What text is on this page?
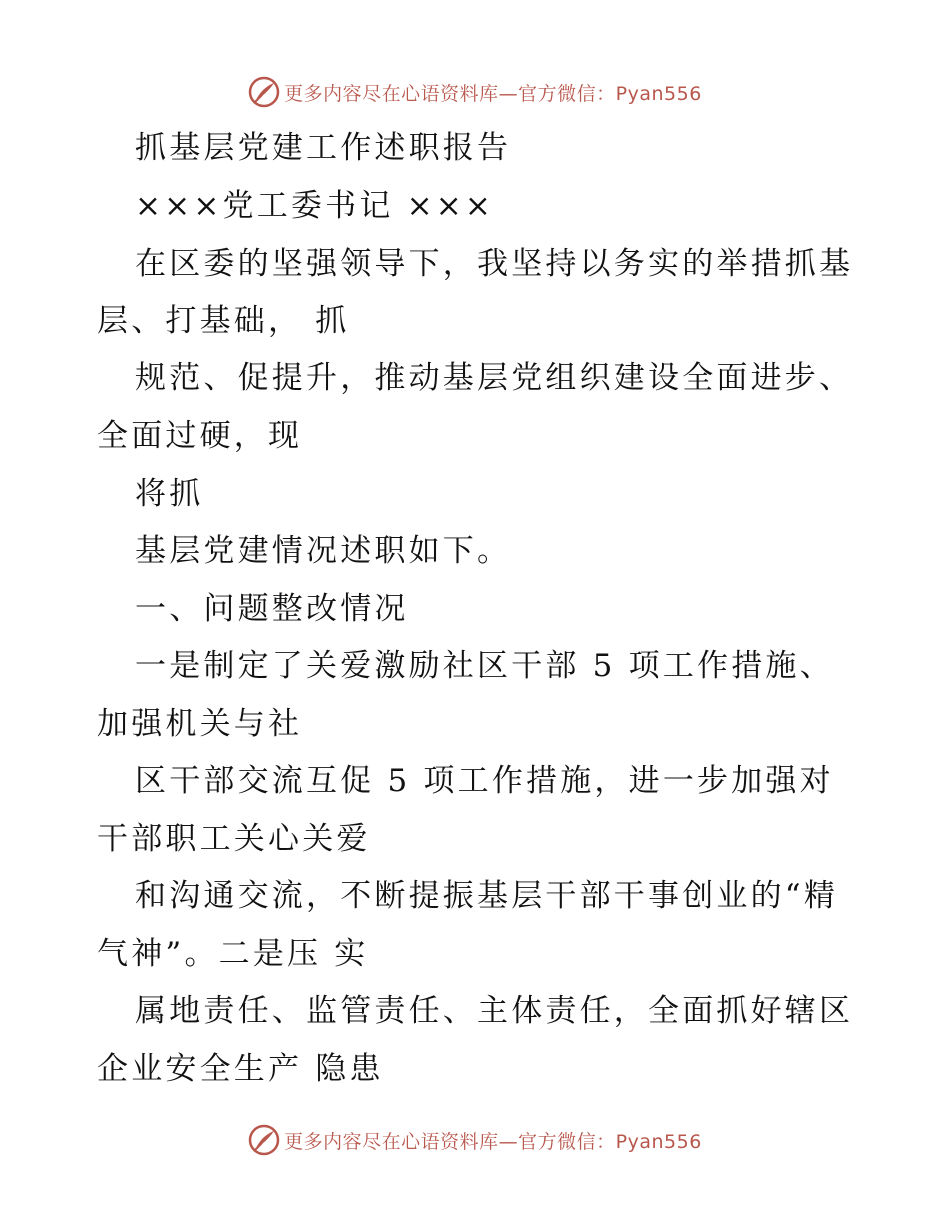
更多内容尽在心语资料库—官方微信：Pyan556
抓基层党建工作述职报告
×××党工委书记 ×××
在区委的坚强领导下，我坚持以务实的举措抓基
层、打基础， 抓
规范、促提升，推动基层党组织建设全面进步、
全面过硬，现
将抓
基层党建情况述职如下。
一、问题整改情况
一是制定了关爱激励社区干部 5 项工作措施、
加强机关与社
区干部交流互促 5 项工作措施，进一步加强对
干部职工关心关爱
和沟通交流，不断提振基层干部干事创业的“精
气神”。二是压 实
属地责任、监管责任、主体责任，全面抓好辖区
企业安全生产 隐患
更多内容尽在心语资料库—官方微信：Pyan556
